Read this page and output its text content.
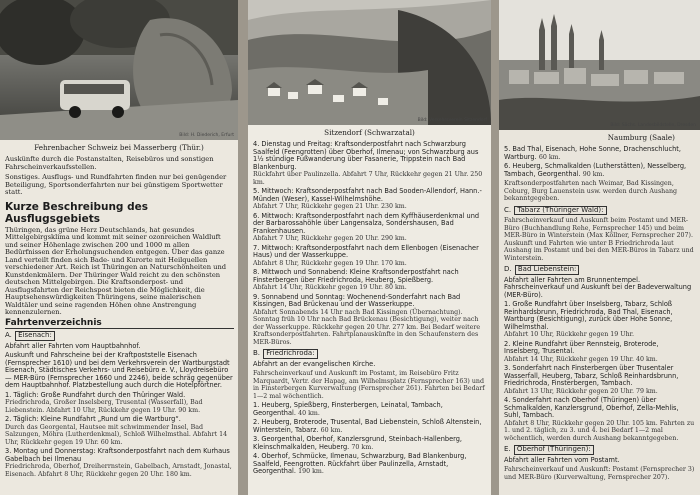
Bild: H. Diederich, Erfurt
Fehrenbacher Schweiz bei Masserberg (Thür.)

Auskünfte durch die Postanstalten, Reisebüros und sonstigen Fahrscheinverkaufsstellen.

Sonstiges. Ausflugs- und Rundfahrten finden nur bei genügender Beteiligung, Sportsonderfahrten nur bei günstigem Sportwetter statt.

Kurze Beschreibung des Ausflugsgebiets

Thüringen, das grüne Herz Deutschlands, hat gesundes Mittelgebirgsklima und kommt mit seiner ozonreichen Waldluft und seiner Höhenlage zwischen 200 und 1000 m allen Bedürfnissen der Erholungsuchenden entgegen. Über das ganze Land verteilt finden sich Bade- und Kurorte mit Heilquellen verschiedener Art. Reich ist Thüringen an Naturschönheiten und Kunstdenkmälern. Der Thüringer Wald reicht zu den schönsten deutschen Mittelgebirgen. Die Kraftsonderpost- und Ausflugsfahrten der Reichspost bieten die Möglichkeit, die Hauptsehenswürdigkeiten Thüringens, seine malerischen Waldtäler und seine ragenden Höhen ohne Anstrengung kennenzulernen.

Fahrtenverzeichnis
A. Eisenach:
Abfahrt aller Fahrten vom Hauptbahnhof.
Auskunft und Fahrscheine bei der Kraftpoststelle Eisenach (Fernsprecher 1610) und bei dem Verkehrsverein der Wartburgstadt Eisenach, Städtisches Verkehrs- und Reisebüro e. V., Lloydreisebüro — MER-Büro (Fernsprecher 1660 und 2246), beide schräg gegenüber dem Hauptbahnhof. Platzbestellung auch durch die Hotelpförtner.
1. Täglich: Große Rundfahrt durch den Thüringer Wald.
Friedrichroda, Großer Inselsberg, Trusental (Wasserfall), Bad Liebenstein. Abfahrt 10 Uhr, Rückkehr gegen 19 Uhr. 90 km.
2. Täglich: Kleine Rundfahrt „Rund um die Wartburg“.
Durch das Georgental, Hautsee mit schwimmender Insel, Bad Salzungen, Möhra (Lutherdenkmal), Schloß Wilhelmsthal. Abfahrt 14 Uhr, Rückkehr gegen 19 Uhr. 60 km.
3. Montag und Donnerstag: Kraftsonderpostfahrt nach dem Kurhaus Gabelbach bei Ilmenau
Friedrichroda, Oberhof, Dreiherrnstein, Gabelbach, Arnstadt, Jonastal, Eisenach. Abfahrt 8 Uhr, Rückkehr gegen 20 Uhr. 180 km.
Bild: Verkehrsverein Sitzendorf
Sitzendorf (Schwarzatal)
4. Dienstag und Freitag: Kraftsonderpostfahrt nach Schwarzburg Saalfeld (Feengrotten) über Oberhof, Ilmenau; von Schwarzburg aus 1½ stündige Fußwanderung über Fasanerie, Trippstein nach Bad Blankenburg.
Rückfahrt über Paulinzella. Abfahrt 7 Uhr, Rückkehr gegen 21 Uhr. 250 km.
5. Mittwoch: Kraftsonderpostfahrt nach Bad Sooden-Allendorf, Hann.-Münden (Weser), Kassel-Wilhelmshöhe.
Abfahrt 7 Uhr, Rückkehr gegen 21 Uhr. 230 km.
6. Mittwoch: Kraftsonderpostfahrt nach dem Kyffhäuserdenkmal und der Barbarossahöhle über Langensalza, Sondershausen, Bad Frankenhausen.
Abfahrt 7 Uhr, Rückkehr gegen 20 Uhr. 290 km.
7. Mittwoch: Kraftsonderpostfahrt nach dem Ellenbogen (Eisenacher Haus) und der Wasserkuppe.
Abfahrt 8 Uhr, Rückkehr gegen 19 Uhr. 170 km.
8. Mittwoch und Sonnabend: Kleine Kraftsonderpostfahrt nach Finsterbergen über Friedrichroda, Heuberg, Spießberg.
Abfahrt 14 Uhr, Rückkehr gegen 19 Uhr. 80 km.
9. Sonnabend und Sonntag: Wochenend-Sonderfahrt nach Bad Kissingen, Bad Brückenau und der Wasserkuppe.
Abfahrt Sonnabends 14 Uhr nach Bad Kissingen (Übernachtung). Sonntag früh 10 Uhr nach Bad Brückenau (Besichtigung), weiter nach der Wasserkuppe. Rückkehr gegen 20 Uhr. 277 km. Bei Bedarf weitere Kraftsonderpostfahrten. Fahrtplanauskünfte in den Schaufenstern des MER-Büros.
B. Friedrichroda:
Abfahrt an der evangelischen Kirche.
Fahrscheinverkauf und Auskunft im Postamt, im Reisebüro Fritz Marquardt, Vertr. der Hapag, am Wilhelmsplatz (Fernsprecher 163) und in Finsterbergen Kurverwaltung (Fernsprecher 261). Fahrten bei Bedarf 1—2 mal wöchentlich.
1. Heuberg, Spießberg, Finsterbergen, Leinatal, Tambach, Georgenthal. 40 km.
2. Heuberg, Broterode, Trusental, Bad Liebenstein, Schloß Altenstein, Winterstein, Tabarz. 60 km.
3. Georgenthal, Oberhof, Kanzlersgrund, Steinbach-Hallenberg, Kleinschmalkalden, Heuberg. 70 km.
4. Oberhof, Schmücke, Ilmenau, Schwarzburg, Bad Blankenburg, Saalfeld, Feengrotten. Rückfahrt über Paulinzella, Arnstadt, Georgenthal. 190 km.
Bild: Sächs. Landesbildstelle, Dresden
Naumburg (Saale)
5. Bad Thal, Eisenach, Hohe Sonne, Drachenschlucht, Wartburg. 60 km.
6. Heuberg, Schmalkalden (Lutherstätten), Nesselberg, Tambach, Georgenthal. 90 km.
Kraftsonderpostfahrten nach Weimar, Bad Kissingen, Coburg, Burg Lauenstein usw. werden durch Aushang bekanntgegeben.
C. Tabarz (Thüringer Wald):
Fahrscheinverkauf und Auskunft beim Postamt und MER-Büro (Buchhandlung Rehe, Fernsprecher 145) und beim MER-Büro in Winterstein (Max Köllner, Fernsprecher 207). Auskunft und Fahrten wie unter B Friedrichroda laut Aushang im Postamt und bei den MER-Büros in Tabarz und Winterstein.
D. Bad Liebenstein:
Abfahrt aller Fahrten am Brunnentempel. Fahrscheinverkauf und Auskunft bei der Badeverwaltung (MER-Büro).
1. Große Rundfahrt über Inselsberg, Tabarz, Schloß Reinhardsbrunn, Friedrichroda, Bad Thal, Eisenach, Wartburg (Besichtigung), zurück über Hohe Sonne, Wilhelmsthal.
Abfahrt 10 Uhr, Rückkehr gegen 19 Uhr.
2. Kleine Rundfahrt über Rennsteig, Broterode, Inselsberg, Trusental.
Abfahrt 14 Uhr, Rückkehr gegen 19 Uhr. 40 km.
3. Sonderfahrt nach Finsterbergen über Trusentaler Wasserfall, Heuberg, Tabarz, Schloß Reinhardsbrunn, Friedrichroda, Finsterbergen, Tambach.
Abfahrt 13 Uhr, Rückkehr gegen 20 Uhr. 79 km.
4. Sonderfahrt nach Oberhof (Thüringen) über Schmalkalden, Kanzlersgrund, Oberhof, Zella-Mehlis, Suhl, Tambach.
Abfahrt 8 Uhr, Rückkehr gegen 20 Uhr. 105 km. Fahrten zu 1. und 2. täglich, zu 3. und 4. bei Bedarf 1—2 mal wöchentlich, werden durch Aushang bekanntgegeben.
E. Oberhof (Thüringen):
Abfahrt aller Fahrten vom Postamt.
Fahrscheinverkauf und Auskunft: Postamt (Fernsprecher 3) und MER-Büro (Kurverwaltung, Fernsprecher 207).
